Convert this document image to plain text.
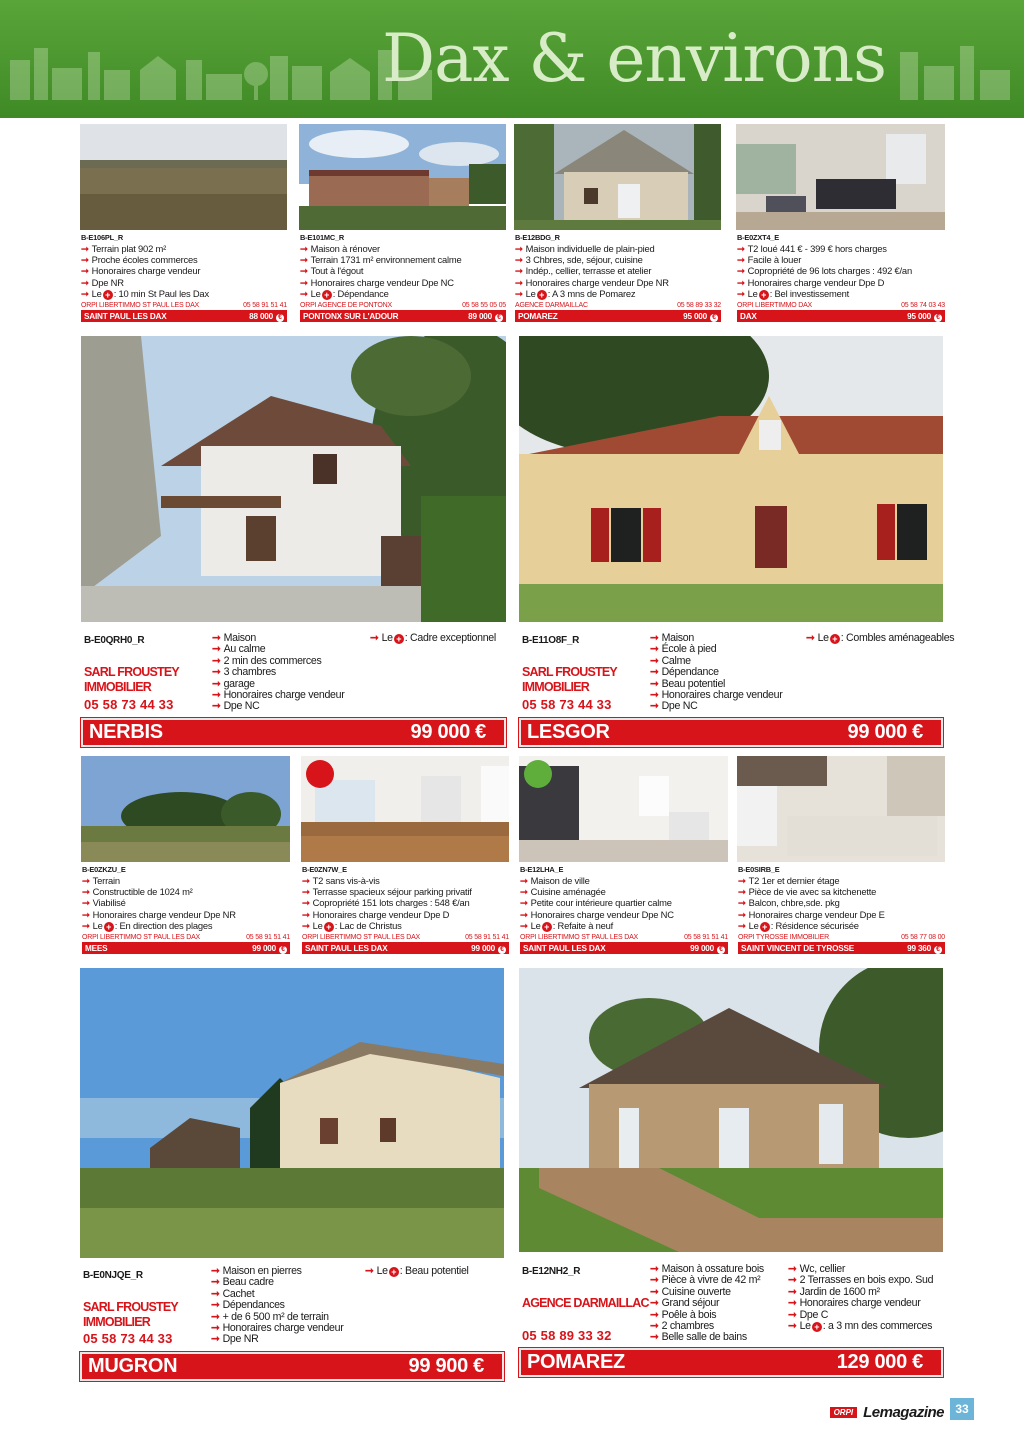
Dax & environs
B-E106PL_R
➞ Terrain plat 902 m²
➞ Proche écoles commerces
➞ Honoraires charge vendeur
➞ Dpe NR
➞ Le + : 10 min St Paul les Dax
ORPI LIBERTIMMO ST PAUL LES DAX	05 58 91 51 41
SAINT PAUL LES DAX	88 000 €
B-E101MC_R
➞ Maison à rénover
➞ Terrain 1731 m² environnement calme
➞ Tout à l'égout
➞ Honoraires charge vendeur Dpe NC
➞ Le + : Dépendance
ORPI AGENCE DE PONTONX	05 58 55 05 05
PONTONX SUR L'ADOUR	89 000 €
B-E12BDG_R
➞ Maison individuelle de plain-pied
➞ 3 Chbres, sde, séjour, cuisine
➞ Indép., cellier, terrasse et atelier
➞ Honoraires charge vendeur Dpe NR
➞ Le + : A 3 mns de Pomarez
AGENCE DARMAILLAC	05 58 89 33 32
POMAREZ	95 000 €
B-E0ZXT4_E
➞ T2 loué 441 € - 399 € hors charges
➞ Facile à louer
➞ Copropriété de 96 lots charges : 492 €/an
➞ Honoraires charge vendeur Dpe D
➞ Le + : Bel investissement
ORPI LIBERTIMMO DAX	05 58 74 03 43
DAX	95 000 €
B-E0QRH0_R
SARL FROUSTEY IMMOBILIER
05 58 73 44 33
➞ Maison
➞ Au calme
➞ 2 min des commerces
➞ 3 chambres
➞ garage
➞ Honoraires charge vendeur
➞ Dpe NC
➞ Le + : Cadre exceptionnel
NERBIS	99 000 €
B-E11O8F_R
SARL FROUSTEY IMMOBILIER
05 58 73 44 33
➞ Maison
➞ École à pied
➞ Calme
➞ Dépendance
➞ Beau potentiel
➞ Honoraires charge vendeur
➞ Dpe NC
➞ Le + : Combles aménageables
LESGOR	99 000 €
B-E0ZKZU_E
➞ Terrain
➞ Constructible de 1024 m²
➞ Viabilisé
➞ Honoraires charge vendeur Dpe NR
➞ Le + : En direction des plages
ORPI LIBERTIMMO ST PAUL LES DAX	05 58 91 51 41
MEES	99 000 €
B-E0ZN7W_E
➞ T2 sans vis-à-vis
➞ Terrasse spacieux séjour parking privatif
➞ Copropriété 151 lots charges : 548 €/an
➞ Honoraires charge vendeur Dpe D
➞ Le + : Lac de Christus
ORPI LIBERTIMMO ST PAUL LES DAX	05 58 91 51 41
SAINT PAUL LES DAX	99 000 €
B-E12LHA_E
➞ Maison de ville
➞ Cuisine aménagée
➞ Petite cour intérieure quartier calme
➞ Honoraires charge vendeur Dpe NC
➞ Le + : Refaite à neuf
ORPI LIBERTIMMO ST PAUL LES DAX	05 58 91 51 41
SAINT PAUL LES DAX	99 000 €
B-E0SIRB_E
➞ T2 1er et dernier étage
➞ Pièce de vie avec sa kitchenette
➞ Balcon, chbre,sde. pkg
➞ Honoraires charge vendeur Dpe E
➞ Le + : Résidence sécurisée
ORPI TYROSSE IMMOBILIER	05 58 77 08 00
SAINT VINCENT DE TYROSSE	99 360 €
B-E0NJQE_R
SARL FROUSTEY IMMOBILIER
05 58 73 44 33
➞ Maison en pierres
➞ Beau cadre
➞ Cachet
➞ Dépendances
➞ + de 6 500 m² de terrain
➞ Honoraires charge vendeur
➞ Dpe NR
➞ Le + : Beau potentiel
MUGRON	99 900 €
B-E12NH2_R
AGENCE DARMAILLAC
05 58 89 33 32
➞ Maison à ossature bois
➞ Pièce à vivre de 42 m²
➞ Cuisine ouverte
➞ Grand séjour
➞ Poêle à bois
➞ 2 chambres
➞ Belle salle de bains
➞ Wc, cellier
➞ 2 Terrasses en bois expo. Sud
➞ Jardin de 1600 m²
➞ Honoraires charge vendeur
➞ Dpe C
➞ Le + : a 3 mn des commerces
POMAREZ	129 000 €
ORPI Lemagazine 33
